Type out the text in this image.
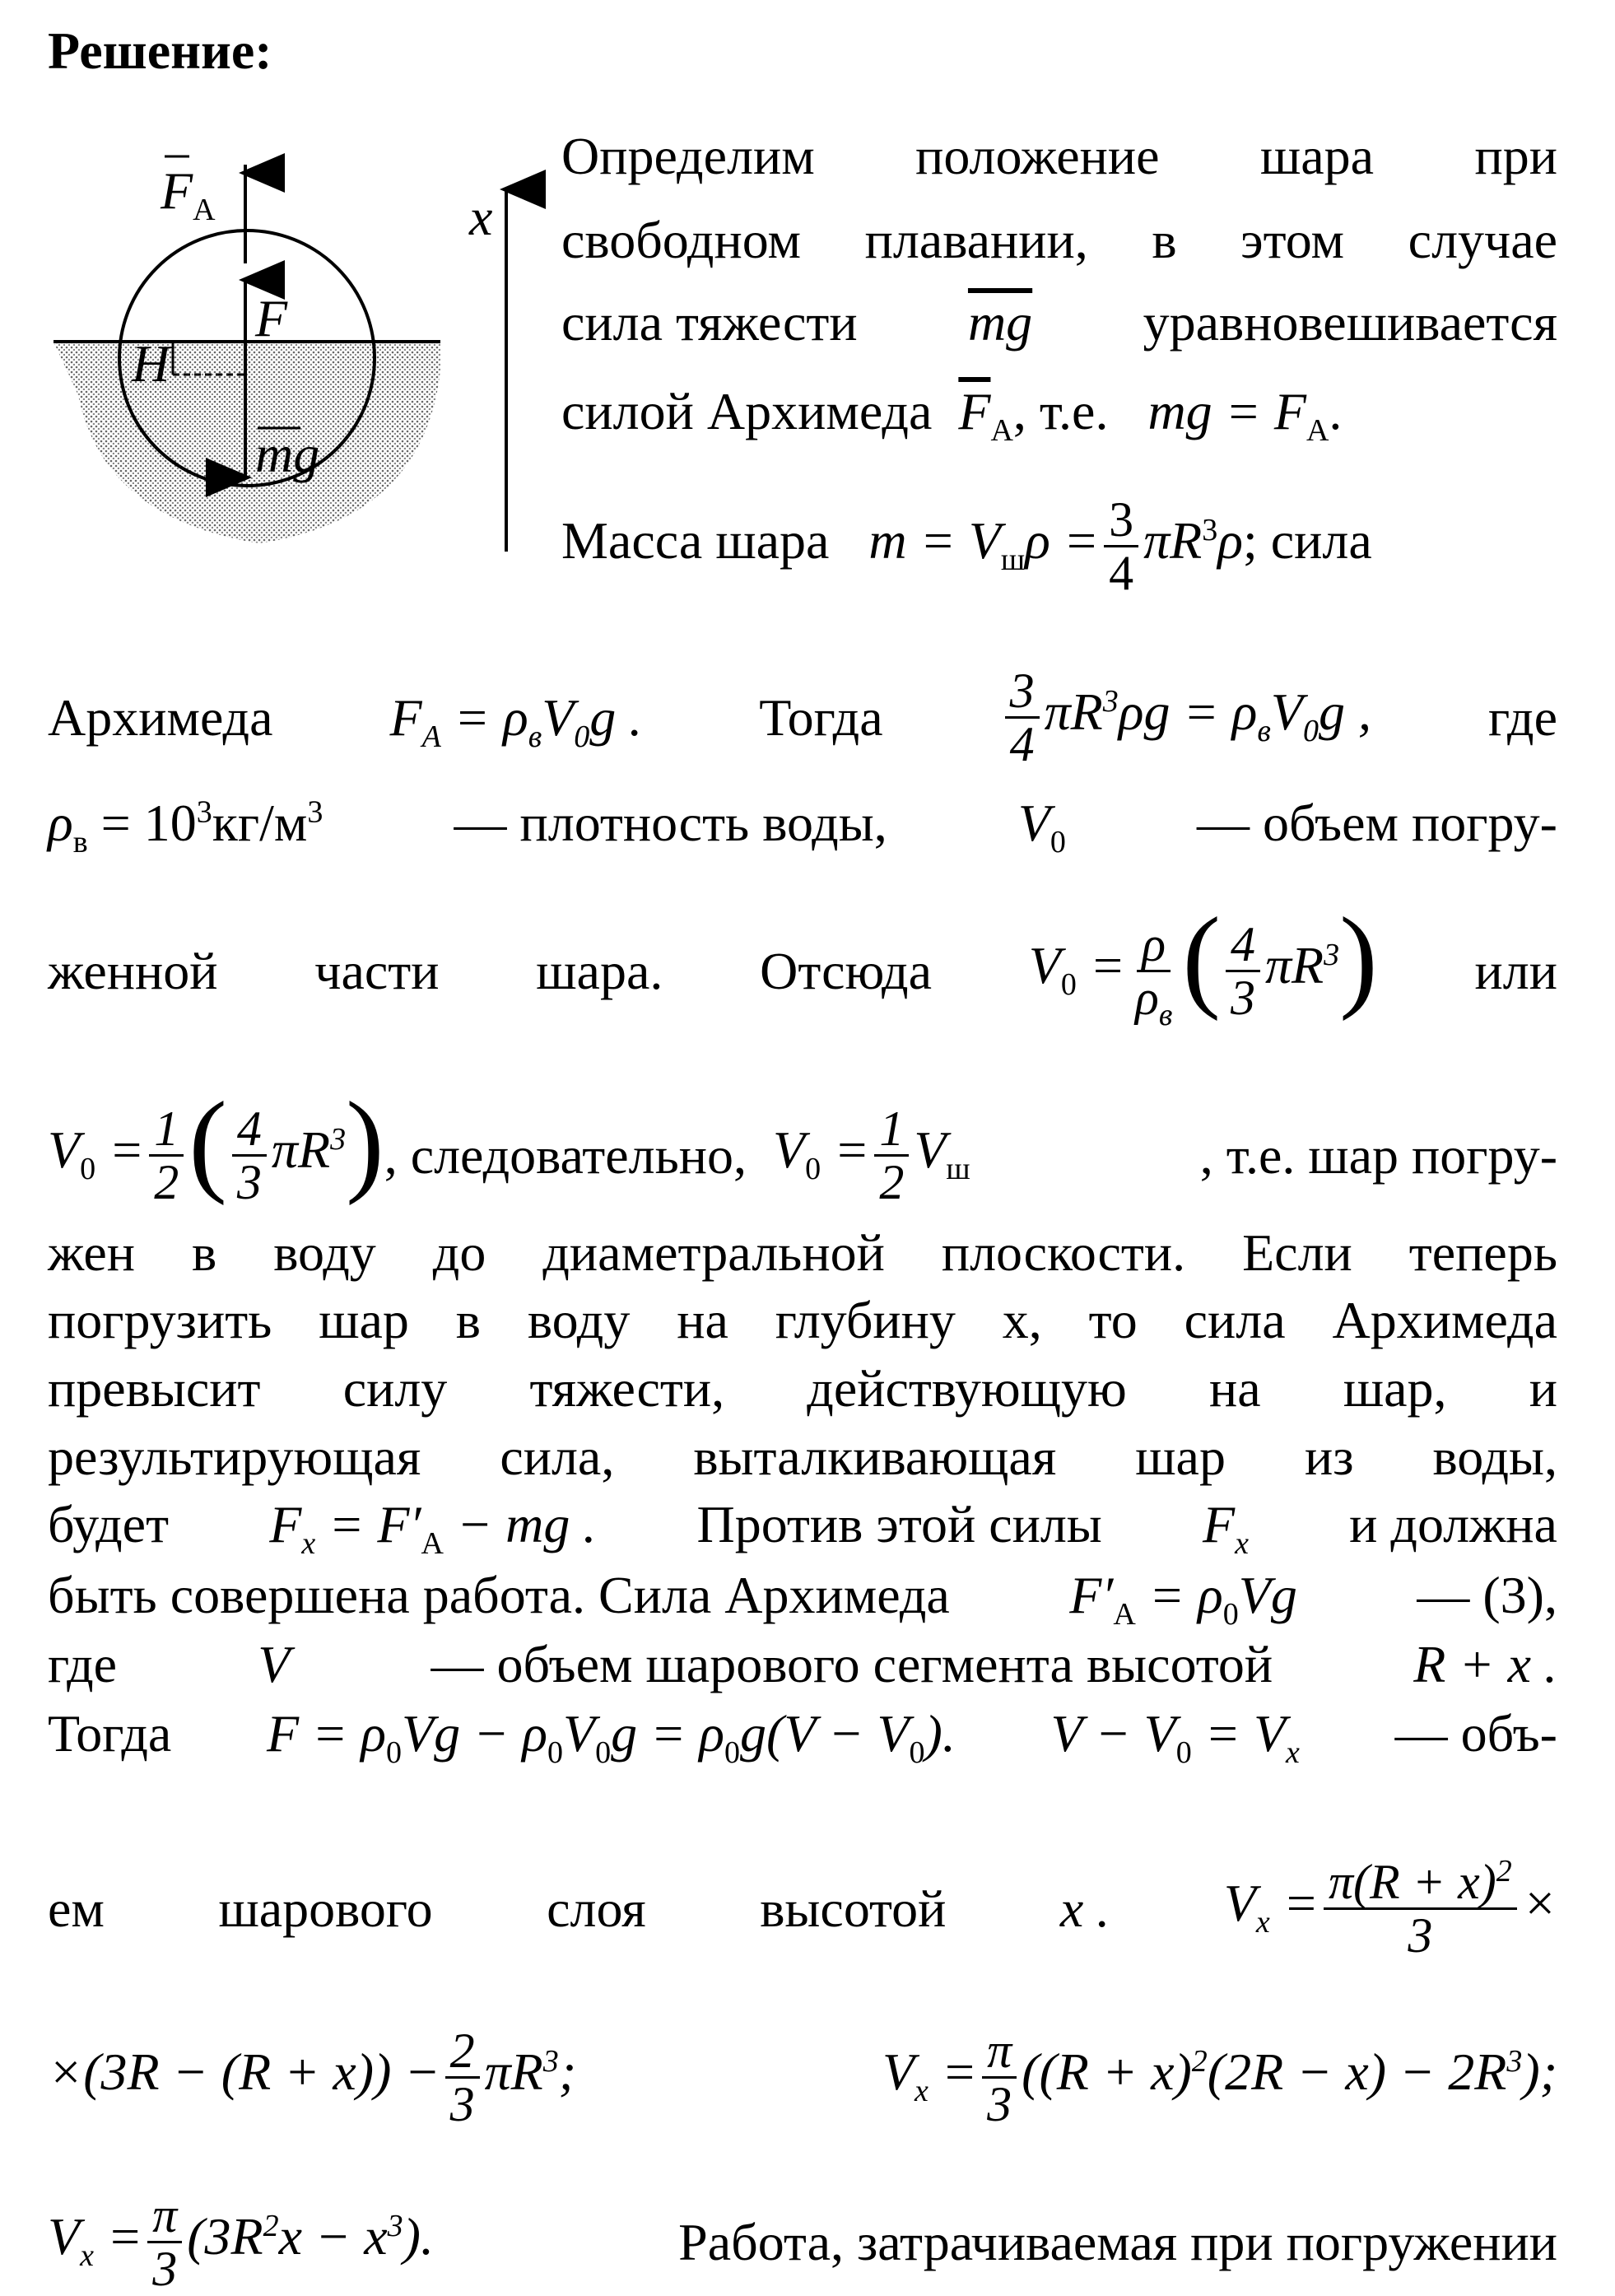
Решение:
$F_A$
F
H
mg
x
Определим положение шара при
свободном плавании, в этом случае
сила тяжести $\overline{mg}$ уравновешивается
силой Архимеда $\overline{F}_A$, т.е. mg = $F_A$.
Масса шара $m = V_ш\rho = \frac{3}{4} \pi R^3\rho$; сила
Архимеда $F_A = \rho_вV_0g$ . Тогда $\frac{3}{4} \pi R^3\rho g = \rho_вV_0g$ , где
$\rho_в = 10^3кг/м^3$ — плотность воды, $V_0$ — объем погру-
женной части шара. Отсюда $V_0 = \frac{\rho}{\rho_в}$ ( $\frac{4}{3} \pi R^3$) или
$V_0 = \frac{1}{2}$ ( $\frac{4}{3} \pi R^3$) , следовательно,
$V_0 = \frac{1}{2} V_ш$	, т.е. шар погру-
жен в воду до диаметральной плоскости. Если теперь
погрузить шар в воду на глубину x, то сила Архимеда
превысит силу тяжести, действующую на шар, и
результирующая сила, выталкивающая шар из воды,
будет $F_x = F'_A$ − mg . Против этой силы $F_x$ и должна
быть совершена работа. Сила Архимеда $F'_A = \rho_0Vg$ — (3),
где	V	— объем шарового сегмента высотой	R + x .
Тогда $F = \rho_0Vg - \rho_0V_0g = \rho_0g(V - V_0)$. $V - V_0 = V_x$ — объ-
ем шарового слоя высотой x . $V_x = \frac{\pi(R + x)^2}{3}$ ×
$\times(3R - (R + x)) - \frac{2}{3} \pi R^3$;	$V_x = \frac{\pi}{3} ((R + x)^2(2R - x) - 2R^3)$;
$V_x = \frac{\pi}{3} (3R^2x - x^3)$.	Работа, затрачиваемая при погружении
